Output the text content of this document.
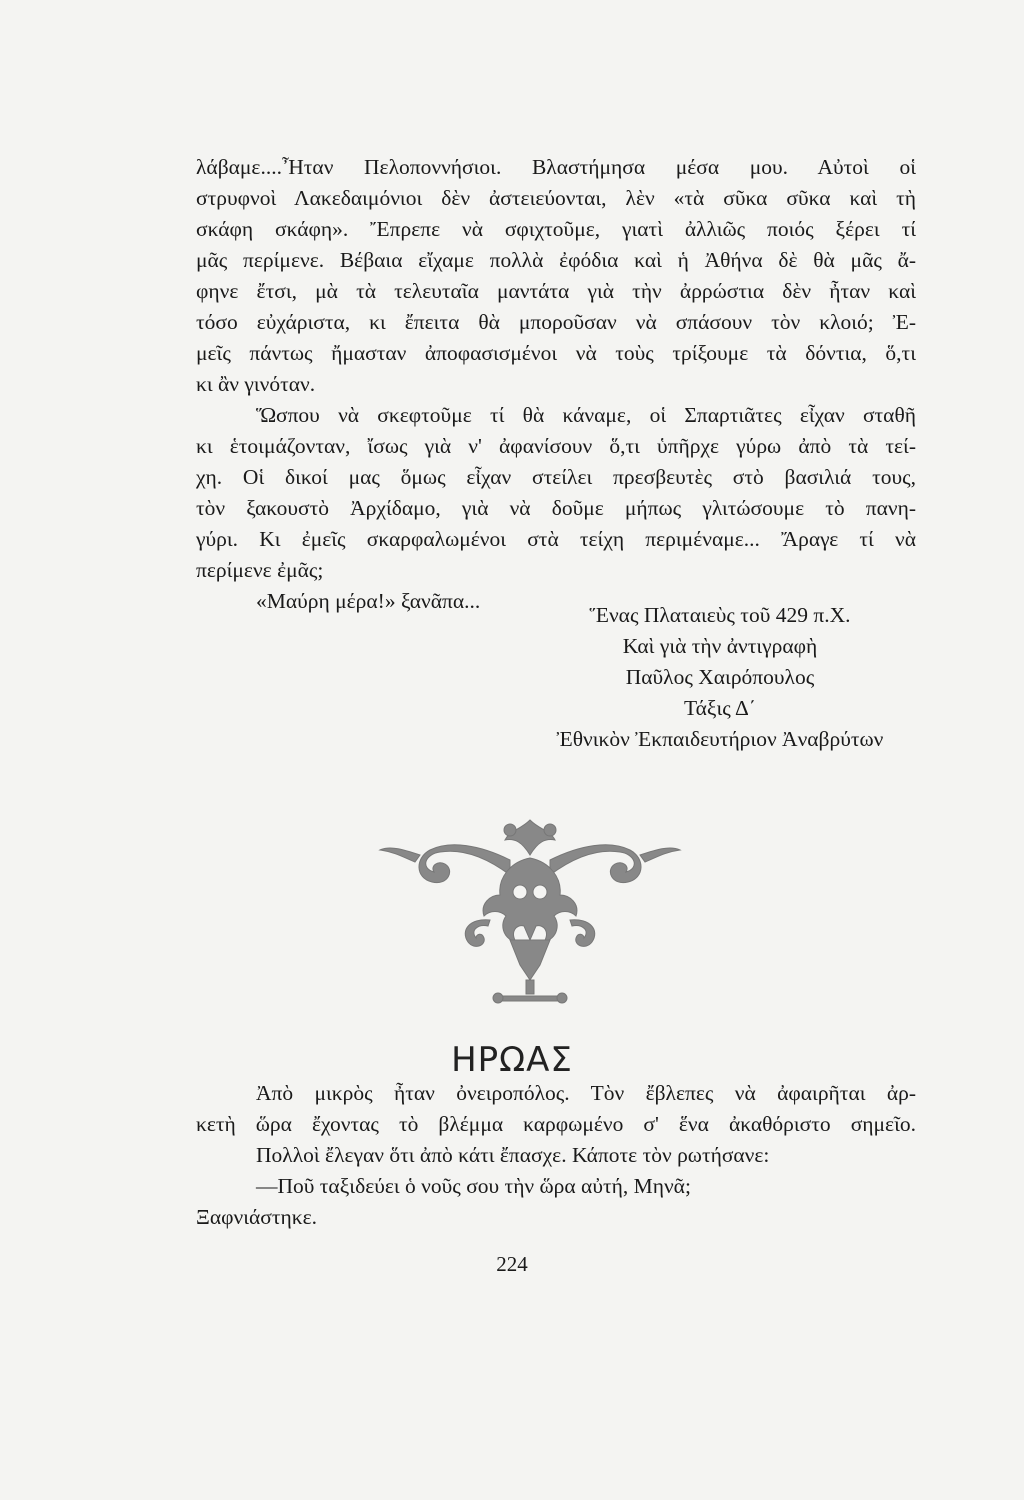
λάβαμε....Ἦταν Πελοποννήσιοι. Βλαστήμησα μέσα μου. Αὐτοὶ οἱ
στρυφνοὶ Λακεδαιμόνιοι δὲν ἀστειεύονται, λὲν «τὰ σῦκα σῦκα καὶ τὴ
σκάφη σκάφη». Ἔπρεπε νὰ σφιχτοῦμε, γιατὶ ἀλλιῶς ποιός ξέρει τί
μᾶς περίμενε. Βέβαια εἴχαμε πολλὰ ἐφόδια καὶ ἡ Ἀθήνα δὲ θὰ μᾶς ἄ-
φηνε ἔτσι, μὰ τὰ τελευταῖα μαντάτα γιὰ τὴν ἀρρώστια δὲν ἦταν καὶ
τόσο εὐχάριστα, κι ἔπειτα θὰ μποροῦσαν νὰ σπάσουν τὸν κλοιό; Ἐ-
μεῖς πάντως ἤμασταν ἀποφασισμένοι νὰ τοὺς τρίξουμε τὰ δόντια, ὅ,τι
κι ἂν γινόταν.
Ὥσπου νὰ σκεφτοῦμε τί θὰ κάναμε, οἱ Σπαρτιᾶτες εἶχαν σταθῆ
κι ἑτοιμάζονταν, ἴσως γιὰ ν' ἀφανίσουν ὅ,τι ὑπῆρχε γύρω ἀπὸ τὰ τεί-
χη. Οἱ δικοί μας ὅμως εἶχαν στείλει πρεσβευτὲς στὸ βασιλιά τους,
τὸν ξακουστὸ Ἀρχίδαμο, γιὰ νὰ δοῦμε μήπως γλιτώσουμε τὸ πανη-
γύρι. Κι ἐμεῖς σκαρφαλωμένοι στὰ τείχη περιμέναμε... Ἄραγε τί νὰ
περίμενε ἐμᾶς;
«Μαύρη μέρα!» ξανᾶπα...
Ἕνας Πλαταιεὺς τοῦ 429 π.Χ.
Καὶ γιὰ τὴν ἀντιγραφὴ
Παῦλος Χαιρόπουλος
Τάξις Δ΄
Ἐθνικὸν Ἐκπαιδευτήριον Ἀναβρύτων
ΗΡΩΑΣ
Ἀπὸ μικρὸς ἦταν ὀνειροπόλος. Τὸν ἔβλεπες νὰ ἀφαιρῆται ἀρ-
κετὴ ὥρα ἔχοντας τὸ βλέμμα καρφωμένο σ' ἕνα ἀκαθόριστο σημεῖο.
Πολλοὶ ἔλεγαν ὅτι ἀπὸ κάτι ἔπασχε. Κάποτε τὸν ρωτήσανε:
—Ποῦ ταξιδεύει ὁ νοῦς σου τὴν ὥρα αὐτή, Μηνᾶ;
Ξαφνιάστηκε.
224
